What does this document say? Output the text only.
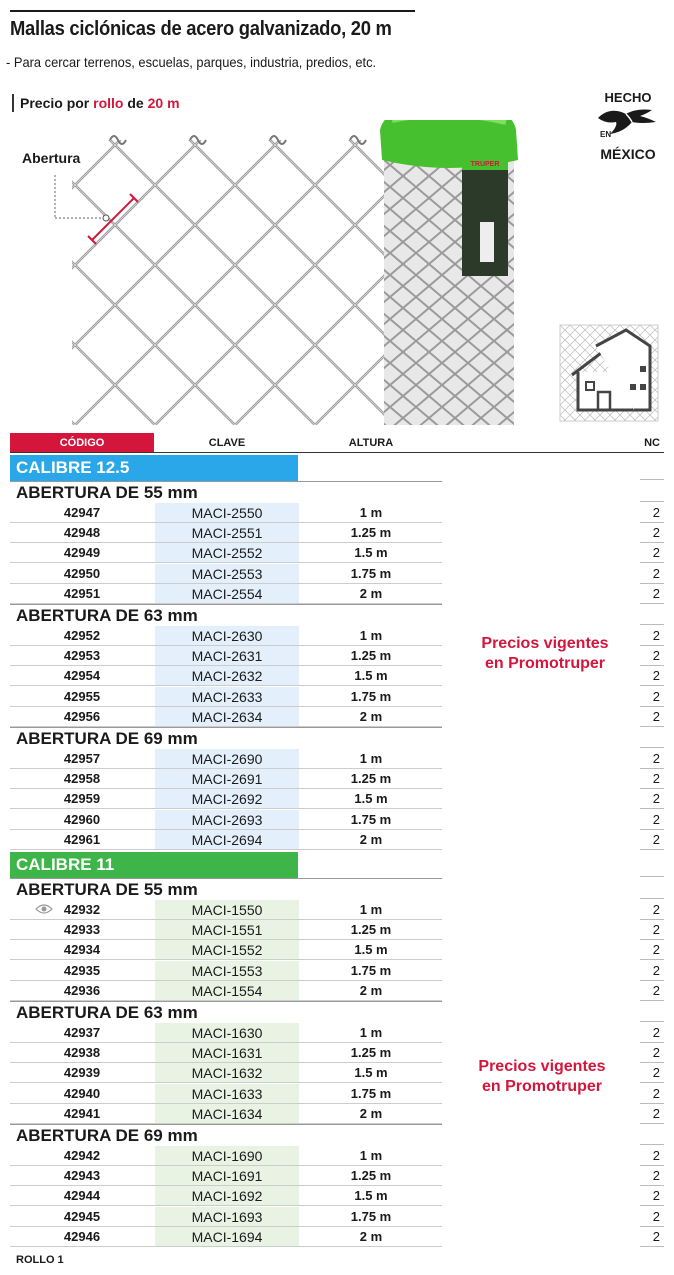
Mallas ciclónicas de acero galvanizado, 20 m
- Para cercar terrenos, escuelas, parques, industria, predios, etc.
Precio por rollo de 20 m	HECHO
EN
MÉXICO
TRUPER
Abertura
CÓDIGO	CLAVE	ALTURA	NC
CALIBRE 12.5
ABERTURA DE 55 mm
42947	MACI-2550	1 m	2
42948	MACI-2551	1.25 m	2
42949	MACI-2552	1.5 m	2
42950	MACI-2553	1.75 m	2
42951	MACI-2554	2 m	2
ABERTURA DE 63 mm
42952	MACI-2630	1 m	2
42953	MACI-2631	1.25 m	2
42954	MACI-2632	1.5 m	2
42955	MACI-2633	1.75 m	2
42956	MACI-2634	2 m	2
ABERTURA DE 69 mm
42957	MACI-2690	1 m	2
42958	MACI-2691	1.25 m	2
42959	MACI-2692	1.5 m	2
42960	MACI-2693	1.75 m	2
42961	MACI-2694	2 m	2
CALIBRE 11
ABERTURA DE 55 mm
42932	MACI-1550	1 m	2
42933	MACI-1551	1.25 m	2
42934	MACI-1552	1.5 m	2
42935	MACI-1553	1.75 m	2
42936	MACI-1554	2 m	2
ABERTURA DE 63 mm
42937	MACI-1630	1 m	2
42938	MACI-1631	1.25 m	2
42939	MACI-1632	1.5 m	2
42940	MACI-1633	1.75 m	2
42941	MACI-1634	2 m	2
ABERTURA DE 69 mm
42942	MACI-1690	1 m	2
42943	MACI-1691	1.25 m	2
42944	MACI-1692	1.5 m	2
42945	MACI-1693	1.75 m	2
42946	MACI-1694	2 m	2
Precios vigentes
en Promotruper
Precios vigentes
en Promotruper
ROLLO 1
